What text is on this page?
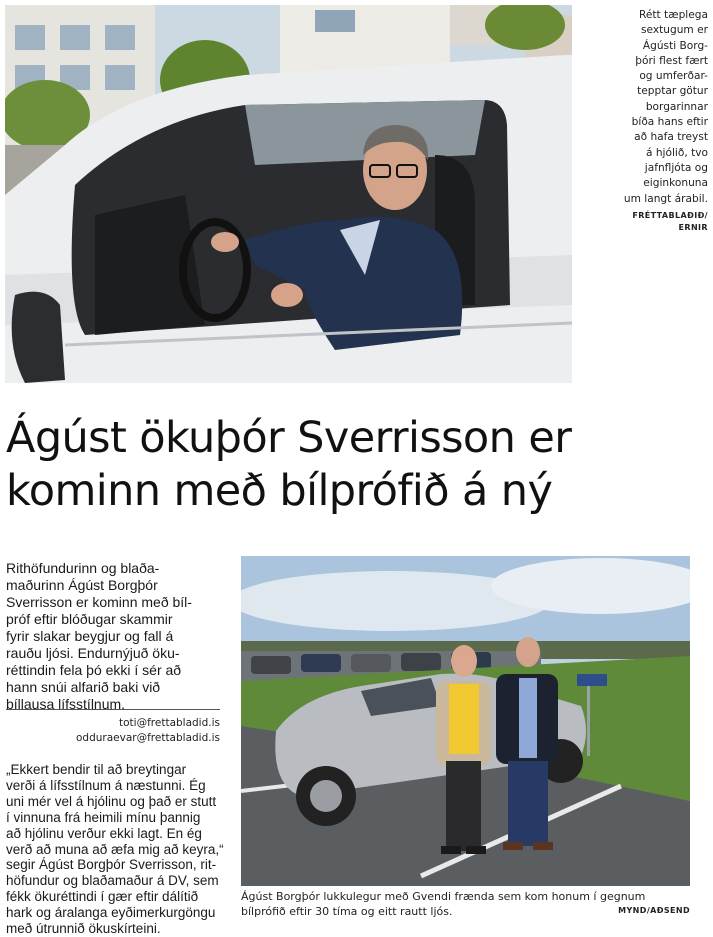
Rétt tæplega
sextugum er
Ágústi Borg-
þóri flest fært
og umferðar-
tepptar götur
borgarinnar
bíða hans eftir
að hafa treyst
á hjólið, tvo
jafnfljóta og
eiginkonuna
um langt árabil.
FRÉTTABLAÐIÐ/
ERNIR
Ágúst ökuþór Sverrisson er
kominn með bílprófið á ný
Rithöfundurinn og blaða-
maðurinn Ágúst Borgþór
Sverrisson er kominn með bíl-
próf eftir blóðugar skammir
fyrir slakar beygjur og fall á
rauðu ljósi. Endurnýjuð öku-
réttindin fela þó ekki í sér að
hann snúi alfarið baki við
bíllausa lífsstílnum.
toti@frettabladid.is
odduraevar@frettabladid.is
„Ekkert bendir til að breytingar
verði á lífsstílnum á næstunni. Ég
uni mér vel á hjólinu og það er stutt
í vinnuna frá heimili mínu þannig
að hjólinu verður ekki lagt. En ég
verð að muna að æfa mig að keyra,“
segir Ágúst Borgþór Sverrisson, rit-
höfundur og blaðamaður á DV, sem
fékk ökuréttindi í gær eftir dálítið
hark og áralanga eyðimerkurgöngu
með útrunnið ökuskírteini.
Ágúst Borgþór lukkulegur með Gvendi frænda sem kom honum í gegnum
bílprófið eftir 30 tíma og eitt rautt ljós.	MYND/AÐSEND
